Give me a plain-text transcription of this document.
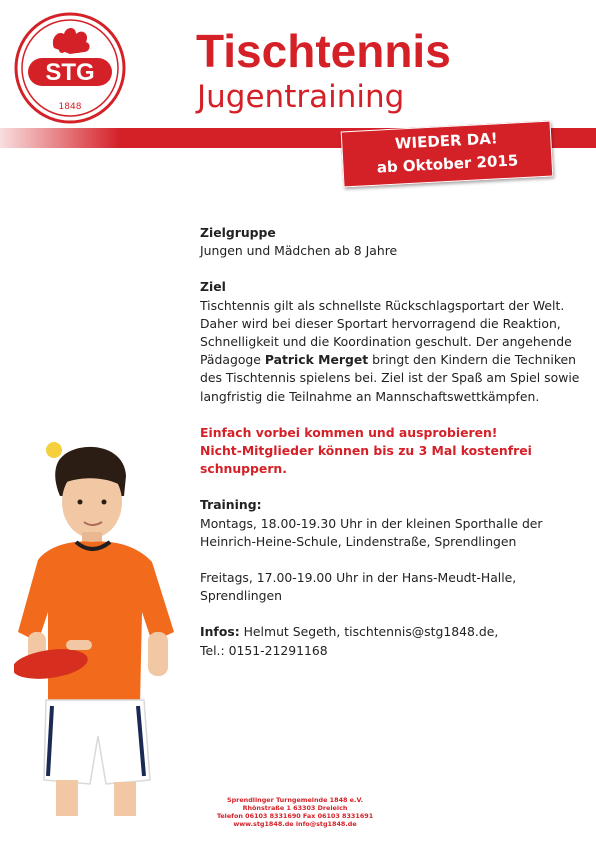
STG
1848
Tischtennis
Jugentraining
WIEDER DA!
ab Oktober 2015

Zielgruppe

Jungen und Mädchen ab 8 Jahre

Ziel

Tischtennis gilt als schnellste Rückschlagsportart der Welt. Daher wird bei dieser Sportart hervorragend die Reaktion, Schnelligkeit und die Koordination geschult. Der angehende Pädagoge Patrick Merget bringt den Kindern die Techniken des Tischtennis spielens bei. Ziel ist der Spaß am Spiel sowie langfristig die Teilnahme an Mannschaftswettkämpfen.

Einfach vorbei kommen und ausprobieren!

Nicht-Mitglieder können bis zu 3 Mal kostenfrei schnuppern.

Training:

Montags, 18.00-19.30 Uhr in der kleinen Sporthalle der Heinrich-Heine-Schule, Lindenstraße, Sprendlingen

Freitags, 17.00-19.00 Uhr in der Hans-Meudt-Halle, Sprendlingen

Infos: Helmut Segeth, tischtennis@stg1848.de,

Tel.: 0151-21291168

Sprendlinger Turngemeinde 1848 e.V.

Rhönstraße 1 63303 Dreieich

Telefon 06103 8331690 Fax 06103 8331691

www.stg1848.de info@stg1848.de
